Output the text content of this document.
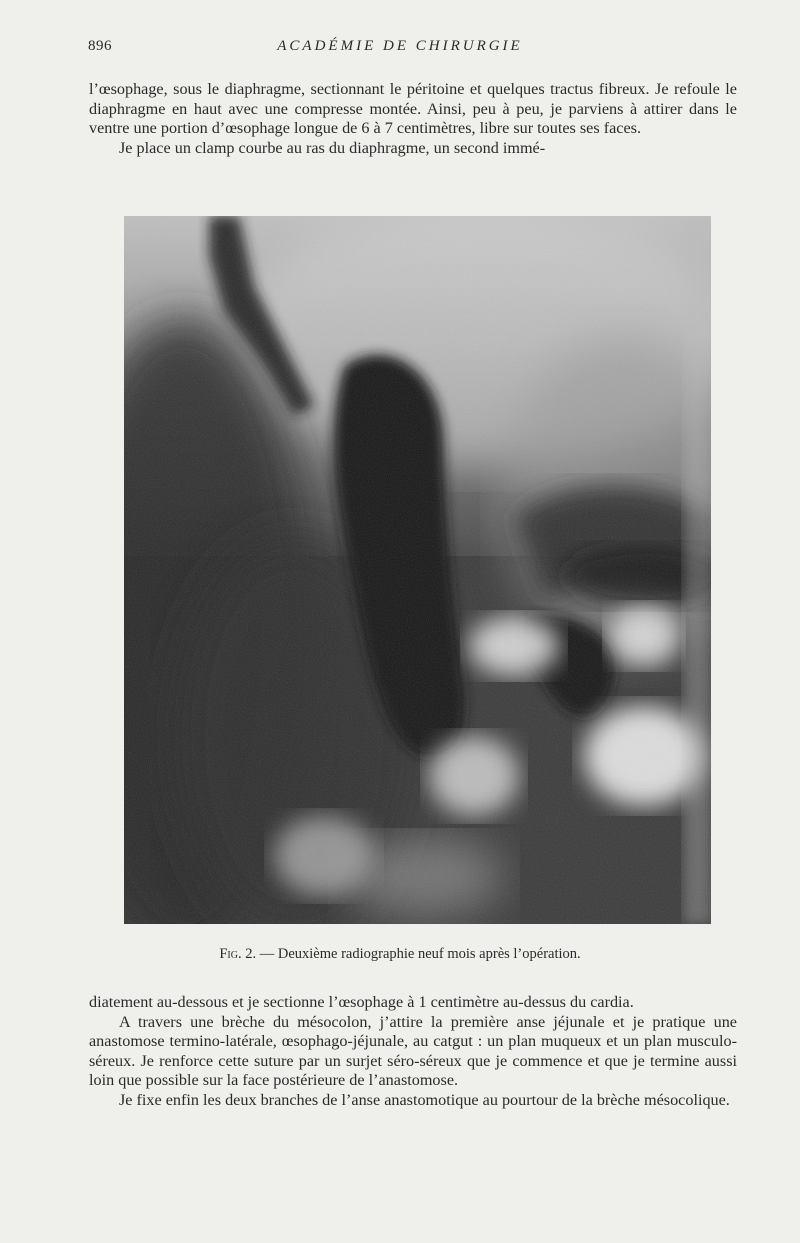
896	ACADÉMIE DE CHIRURGIE

l’œsophage, sous le diaphragme, sectionnant le péritoine et quelques tractus fibreux. Je refoule le diaphragme en haut avec une compresse montée. Ainsi, peu à peu, je parviens à attirer dans le ventre une portion d’œsophage longue de 6 à 7 centimètres, libre sur toutes ses faces.

Je place un clamp courbe au ras du diaphragme, un second immé-

Fig. 2. — Deuxième radiographie neuf mois après l’opération.

diatement au-dessous et je sectionne l’œsophage à 1 centimètre au-dessus du cardia.

A travers une brèche du mésocolon, j’attire la première anse jéjunale et je pratique une anastomose termino-latérale, œsophago-jéjunale, au catgut : un plan muqueux et un plan musculo-séreux. Je renforce cette suture par un surjet séro-séreux que je commence et que je termine aussi loin que possible sur la face postérieure de l’anastomose.

Je fixe enfin les deux branches de l’anse anastomotique au pourtour de la brèche mésocolique.
